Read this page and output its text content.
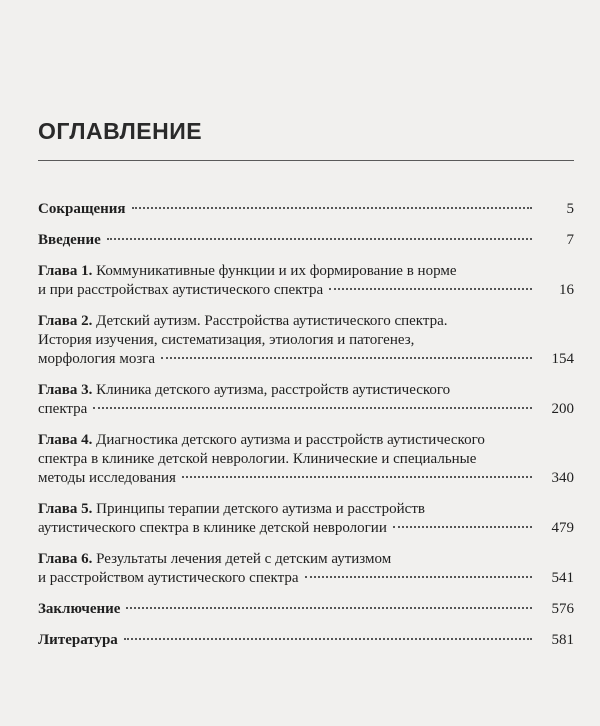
ОГЛАВЛЕНИЕ
Сокращения	5
Введение	7
Глава 1. Коммуникативные функции и их формирование в норме
и при расстройствах аутистического спектра	16
Глава 2. Детский аутизм. Расстройства аутистического спектра.
История изучения, систематизация, этиология и патогенез,
морфология мозга	154
Глава 3. Клиника детского аутизма, расстройств аутистического
спектра	200
Глава 4. Диагностика детского аутизма и расстройств аутистического
спектра в клинике детской неврологии. Клинические и специальные
методы исследования	340
Глава 5. Принципы терапии детского аутизма и расстройств
аутистического спектра в клинике детской неврологии	479
Глава 6. Результаты лечения детей с детским аутизмом
и расстройством аутистического спектра	541
Заключение	576
Литература	581
